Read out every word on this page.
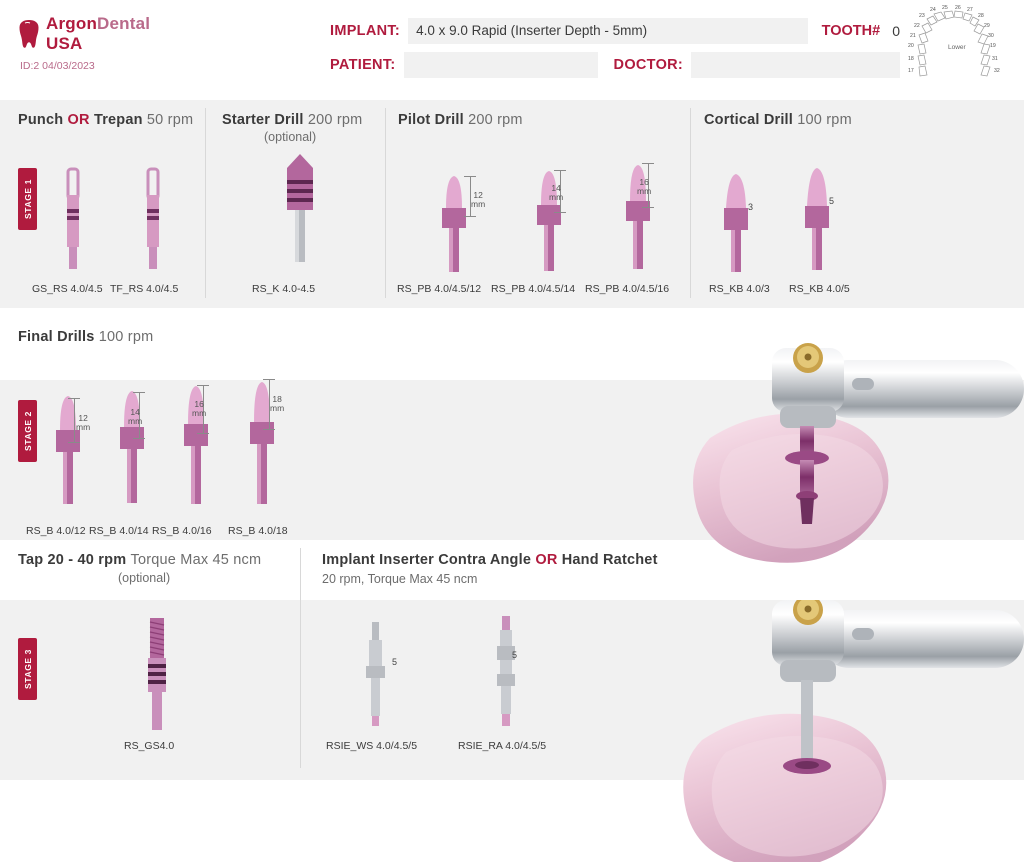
ArgonDental USA
ID:2 04/03/2023
IMPLANT:
4.0 x 9.0 Rapid (Inserter Depth - 5mm)	TOOTH# 0
PATIENT:	DOCTOR:
23
24 25 26 27
28
22	29
21	30
20	19
18	31
17	32
Lower
STAGE 1
Punch OR Trepan 50 rpm
GS_RS 4.0/4.5 TF_RS 4.0/4.5
Starter Drill 200 rpm
(optional)
RS_K 4.0-4.5
Pilot Drill 200 rpm
12
mm
RS_PB 4.0/4.5/12
14
mm
RS_PB 4.0/4.5/14
16
mm
RS_PB 4.0/4.5/16
Cortical Drill 100 rpm
3
RS_KB 4.0/3
5
RS_KB 4.0/5
Final Drills 100 rpm
STAGE 2	12
mm
RS_B 4.0/12
14
mm
RS_B 4.0/14
16
mm
RS_B 4.0/16
18
mm
RS_B 4.0/18
Tap 20 - 40 rpm Torque Max 45 ncm
(optional)
STAGE 3
RS_GS4.0
Implant Inserter Contra Angle OR Hand Ratchet
20 rpm, Torque Max 45 ncm
5
RSIE_WS 4.0/4.5/5
5
RSIE_RA 4.0/4.5/5
